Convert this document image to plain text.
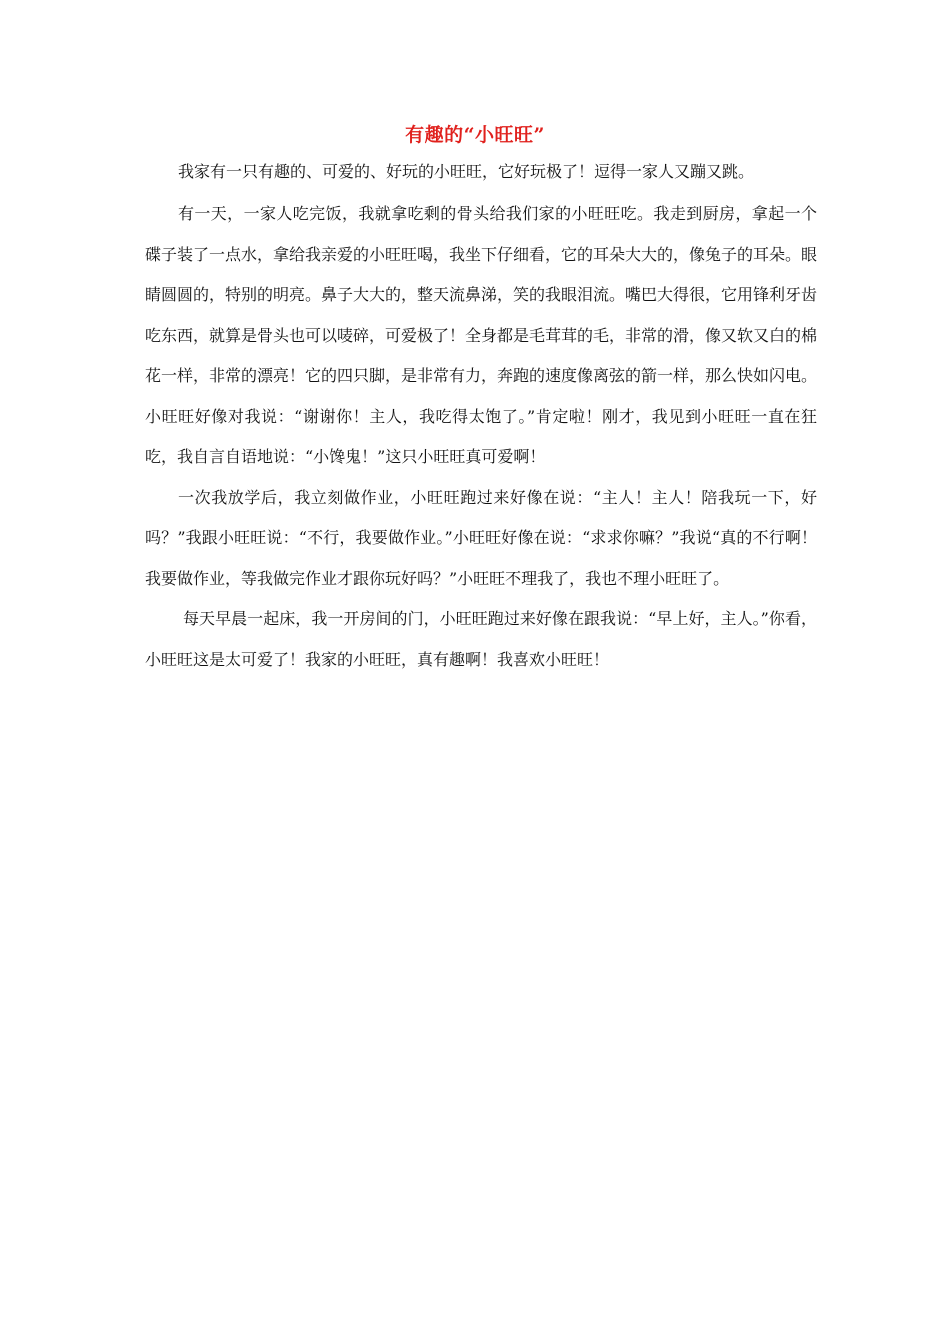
有趣的“小旺旺”

我家有一只有趣的、可爱的、好玩的小旺旺，它好玩极了！逗得一家人又蹦又跳。

有一天，一家人吃完饭，我就拿吃剩的骨头给我们家的小旺旺吃。我走到厨房，拿起一个碟子装了一点水，拿给我亲爱的小旺旺喝，我坐下仔细看，它的耳朵大大的，像兔子的耳朵。眼睛圆圆的，特别的明亮。鼻子大大的，整天流鼻涕，笑的我眼泪流。嘴巴大得很，它用锋利牙齿吃东西，就算是骨头也可以唛碎，可爱极了！全身都是毛茸茸的毛，非常的滑，像又软又白的棉花一样，非常的漂亮！它的四只脚，是非常有力，奔跑的速度像离弦的箭一样，那么快如闪电。小旺旺好像对我说：“谢谢你！主人，我吃得太饱了。”肯定啦！刚才，我见到小旺旺一直在狂吃，我自言自语地说：“小馋鬼！”这只小旺旺真可爱啊！

一次我放学后，我立刻做作业，小旺旺跑过来好像在说：“主人！主人！陪我玩一下，好吗？”我跟小旺旺说：“不行，我要做作业。”小旺旺好像在说：“求求你嘛？”我说“真的不行啊！我要做作业，等我做完作业才跟你玩好吗？”小旺旺不理我了，我也不理小旺旺了。

每天早晨一起床，我一开房间的门，小旺旺跑过来好像在跟我说：“早上好，主人。”你看，小旺旺这是太可爱了！我家的小旺旺，真有趣啊！我喜欢小旺旺！
